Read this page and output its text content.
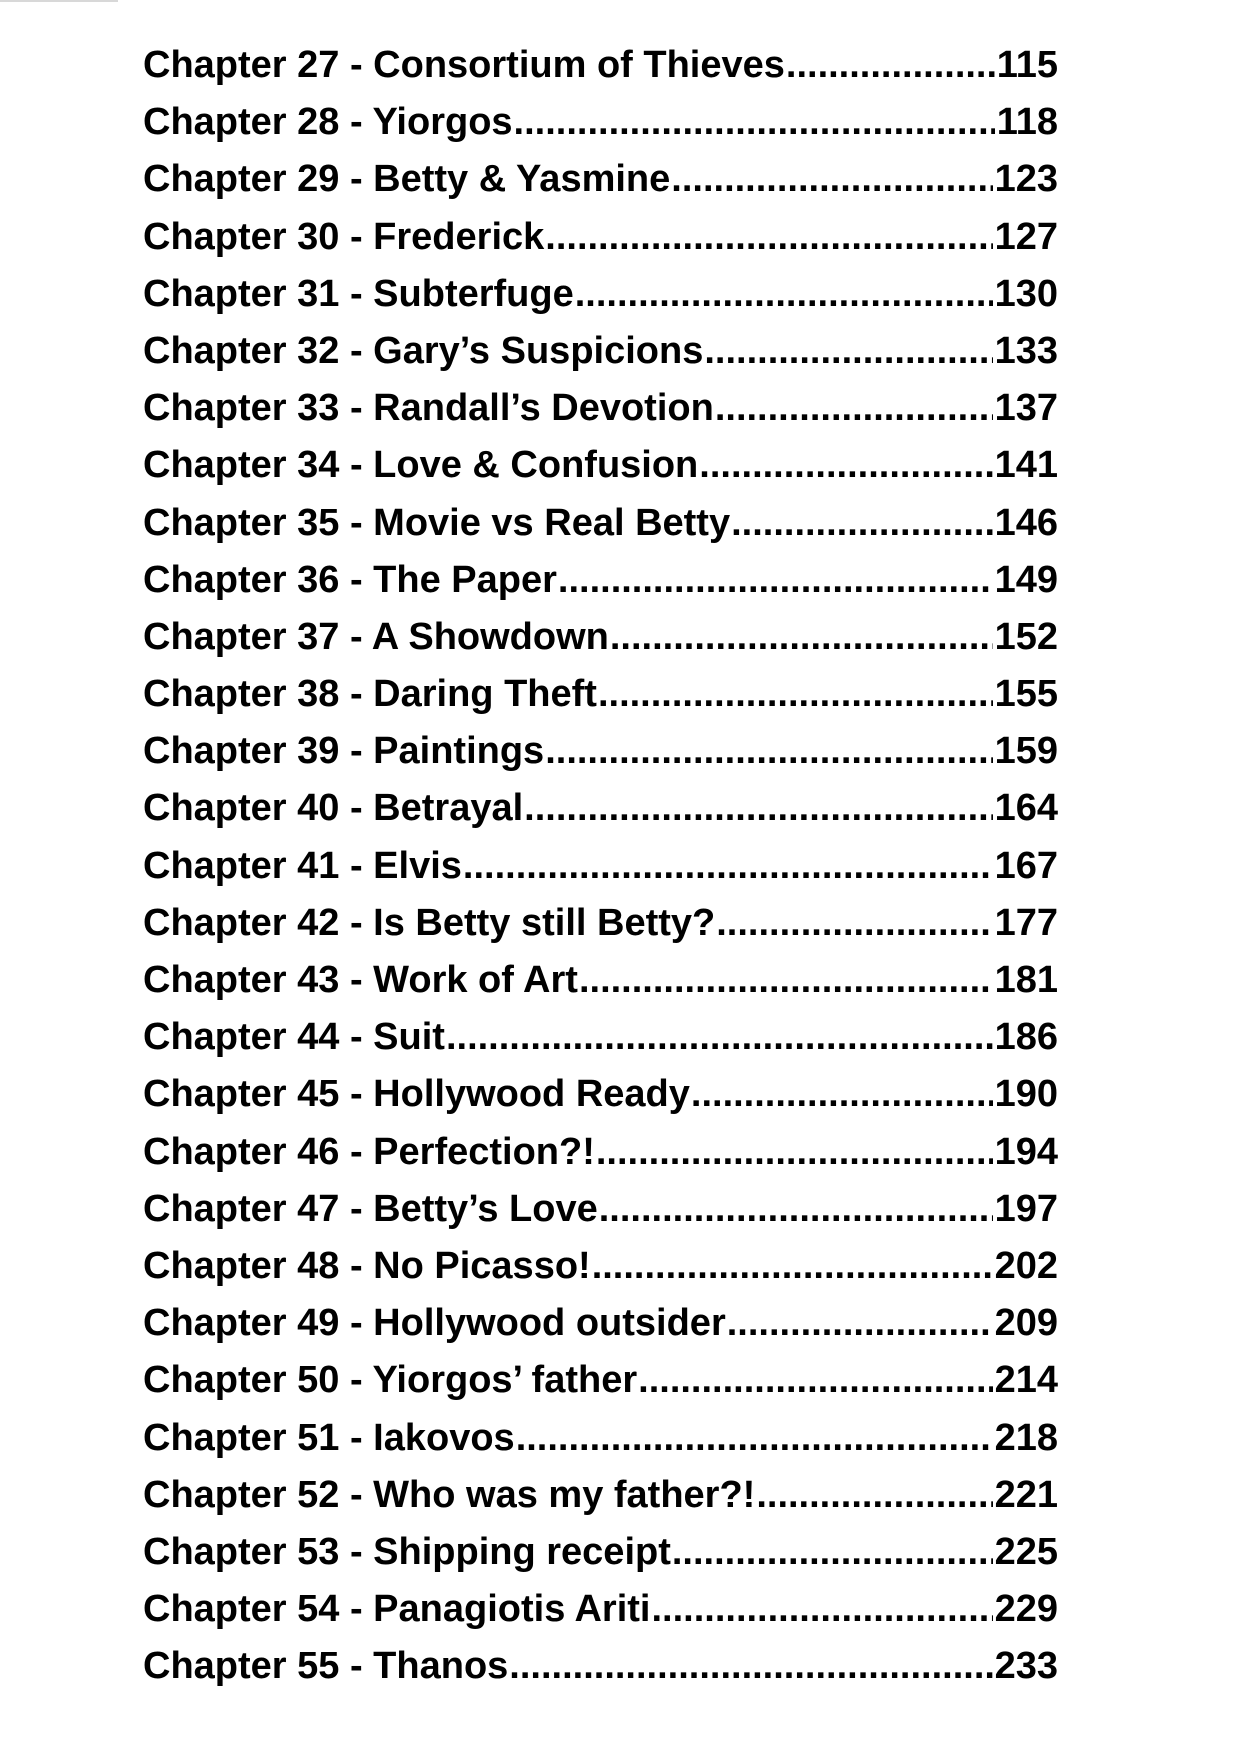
Chapter 27 - Consortium of Thieves .....	115
Chapter 28 - Yiorgos .....	118
Chapter 29 - Betty & Yasmine .....	123
Chapter 30 - Frederick .....	127
Chapter 31 - Subterfuge .....	130
Chapter 32 - Gary’s Suspicions .....	133
Chapter 33 - Randall’s Devotion .....	137
Chapter 34 - Love & Confusion .....	141
Chapter 35 - Movie vs Real Betty .....	146
Chapter 36 - The Paper .....	149
Chapter 37 - A Showdown .....	152
Chapter 38 - Daring Theft .....	155
Chapter 39 - Paintings .....	159
Chapter 40 - Betrayal .....	164
Chapter 41 - Elvis .....	167
Chapter 42 - Is Betty still Betty? .....	177
Chapter 43 - Work of Art .....	181
Chapter 44 - Suit .....	186
Chapter 45 - Hollywood Ready .....	190
Chapter 46 - Perfection?! .....	194
Chapter 47 - Betty’s Love .....	197
Chapter 48 - No Picasso! .....	202
Chapter 49 - Hollywood outsider .....	209
Chapter 50 - Yiorgos’ father .....	214
Chapter 51 - Iakovos .....	218
Chapter 52 - Who was my father?! .....	221
Chapter 53 - Shipping receipt .....	225
Chapter 54 - Panagiotis Ariti .....	229
Chapter 55 - Thanos .....	233
